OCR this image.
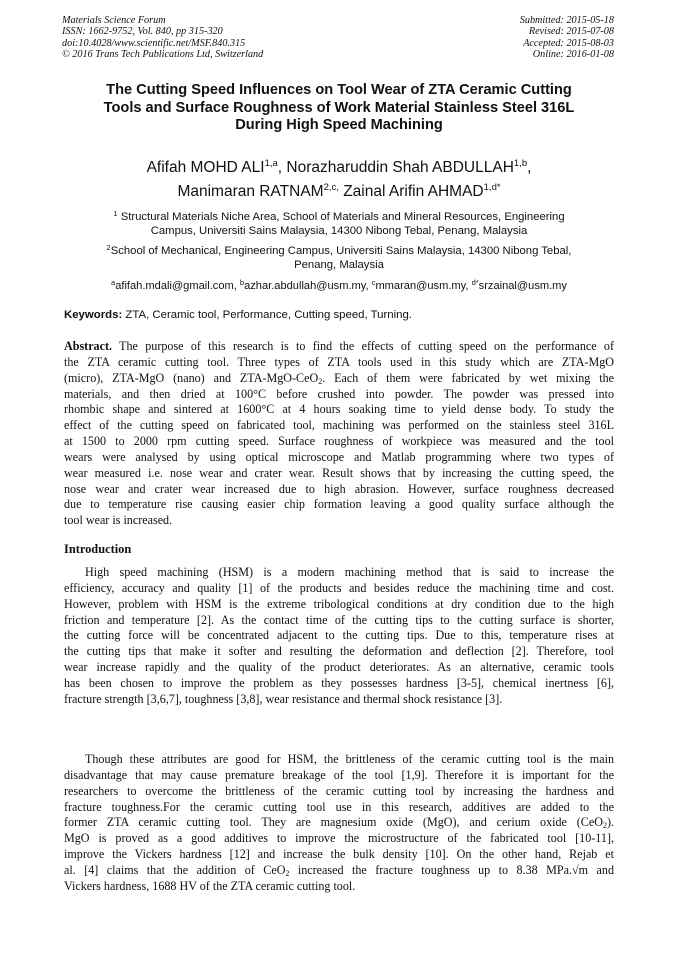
Materials Science Forum
ISSN: 1662-9752, Vol. 840, pp 315-320
doi:10.4028/www.scientific.net/MSF.840.315
© 2016 Trans Tech Publications Ltd, Switzerland
Submitted: 2015-05-18
Revised: 2015-07-08
Accepted: 2015-08-03
Online: 2016-01-08
The Cutting Speed Influences on Tool Wear of ZTA Ceramic Cutting
Tools and Surface Roughness of Work Material Stainless Steel 316L
During High Speed Machining
Afifah MOHD ALI$^{1,a}$, Norazharuddin Shah ABDULLAH$^{1,b}$,
Manimaran $RATNAM^{2,c,}$ Zainal Arifin $AHMAD^{1,d*}$
$^1$ Structural Materials Niche Area, School of Materials and Mineral Resources, Engineering
Campus, Universiti Sains Malaysia, 14300 Nibong Tebal, Penang, Malaysia
$^2$School of Mechanical, Engineering Campus, Universiti Sains Malaysia, 14300 Nibong Tebal,
Penang, Malaysia
$^a$afifah.mdali@gmail.com, $^b$azhar.abdullah@usm.my, $^c$mmaran@usm.my, $^{d*}$srzainal@usm.my
Keywords: ZTA, Ceramic tool, Performance, Cutting speed, Turning.
Abstract. The purpose of this research is to find the effects of cutting speed on the performance of
the ZTA ceramic cutting tool. Three types of ZTA tools used in this study which are ZTA-MgO
(micro), ZTA-MgO (nano) and ZTA-MgO-CeO$_2$. Each of them were fabricated by wet mixing the
materials, and then dried at 100°C before crushed into powder. The powder was pressed into
rhombic shape and sintered at 1600°C at 4 hours soaking time to yield dense body. To study the
effect of the cutting speed on fabricated tool, machining was performed on the stainless steel 316L
at 1500 to 2000 rpm cutting speed. Surface roughness of workpiece was measured and the tool
wears were analysed by using optical microscope and Matlab programming where two types of
wear measured i.e. nose wear and crater wear. Result shows that by increasing the cutting speed, the
nose wear and crater wear increased due to high abrasion. However, surface roughness decreased
due to temperature rise causing easier chip formation leaving a good quality surface although the
tool wear is increased.
Introduction
High speed machining (HSM) is a modern machining method that is said to increase the
efficiency, accuracy and quality [1] of the products and besides reduce the machining time and cost.
However, problem with HSM is the extreme tribological conditions at dry condition due to the high
friction and temperature [2]. As the contact time of the cutting tips to the cutting surface is shorter,
the cutting force will be concentrated adjacent to the cutting tips. Due to this, temperature rises at
the cutting tips that make it softer and resulting the deformation and deflection [2]. Therefore, tool
wear increase rapidly and the quality of the product deteriorates. As an alternative, ceramic tools
has been chosen to improve the problem as they possesses hardness [3-5], chemical inertness [6],
fracture strength [3,6,7], toughness [3,8], wear resistance and thermal shock resistance [3].
Though these attributes are good for HSM, the brittleness of the ceramic cutting tool is the main
disadvantage that may cause premature breakage of the tool [1,9]. Therefore it is important for the
researchers to overcome the brittleness of the ceramic cutting tool by increasing the hardness and
fracture toughness.For the ceramic cutting tool use in this research, additives are added to the
former ZTA ceramic cutting tool. They are magnesium oxide (MgO), and cerium oxide (CeO$_2$).
MgO is proved as a good additives to improve the microstructure of the fabricated tool [10-11],
improve the Vickers hardness [12] and increase the bulk density [10]. On the other hand, Rejab et
al. [4] claims that the addition of CeO$_2$ increased the fracture toughness up to 8.38 MPa.√m and
Vickers hardness, 1688 HV of the ZTA ceramic cutting tool.
